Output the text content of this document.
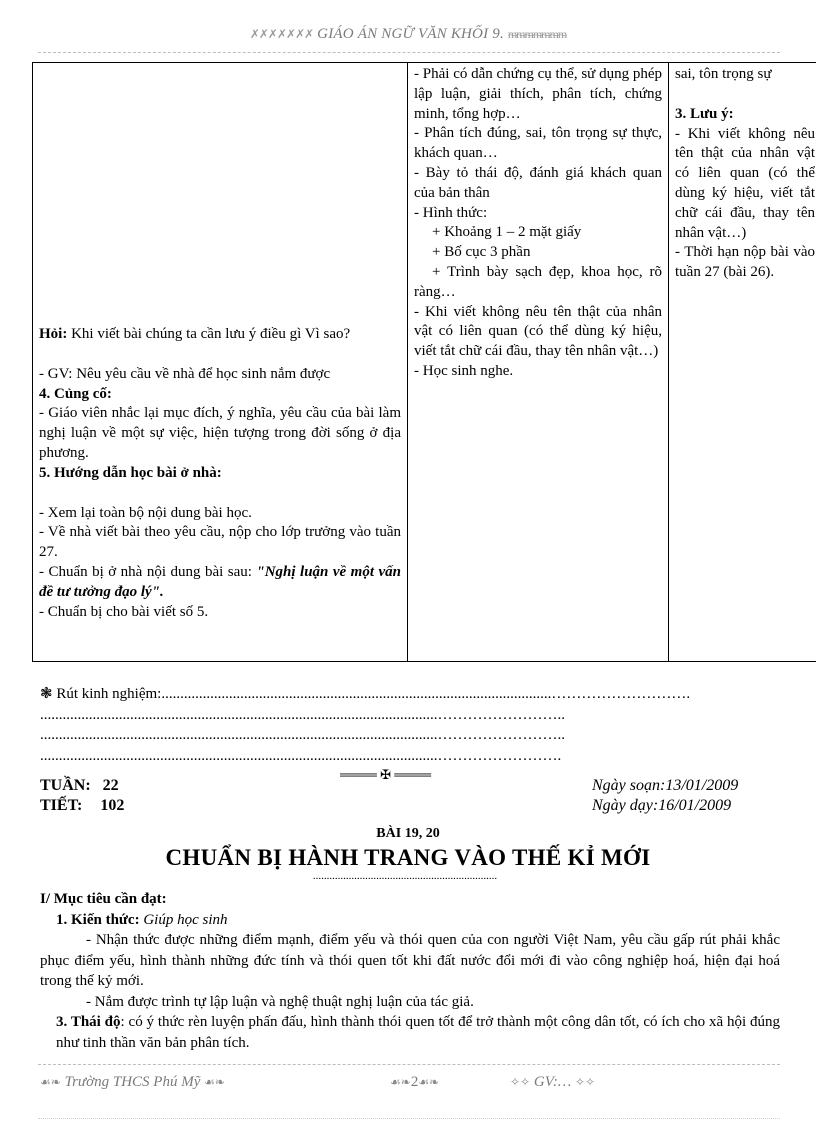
✗✗✗✗✗✗✗ GIÁO ÁN NGỮ VĂN KHỐI 9. ᵯᵯᵯᵯᵯᵯᵯ
Hỏi: Khi viết bài chúng ta cần lưu ý điều gì Vì sao?
- GV: Nêu yêu cầu về nhà để học sinh nắm được
4. Củng cố:
- Giáo viên nhắc lại mục đích, ý nghĩa, yêu cầu của bài làm nghị luận về một sự việc, hiện tượng trong đời sống ở địa phương.
5. Hướng dẫn học bài ở nhà:
- Xem lại toàn bộ nội dung bài học.
- Về nhà viết bài theo yêu cầu, nộp cho lớp trưởng vào tuần 27.
- Chuẩn bị ở nhà nội dung bài sau: "Nghị luận về một vấn đề tư tưởng đạo lý".
- Chuẩn bị cho bài viết số 5.

- Phải có dẫn chứng cụ thể, sử dụng phép lập luận, giải thích, phân tích, chứng minh, tổng hợp…
- Phân tích đúng, sai, tôn trọng sự thực, khách quan…
- Bày tỏ thái độ, đánh giá khách quan của bản thân
- Hình thức:
+ Khoảng 1 – 2 mặt giấy
+ Bố cục 3 phần
+ Trình bày sạch đẹp, khoa học, rõ ràng…
- Khi viết không nêu tên thật của nhân vật có liên quan (có thể dùng ký hiệu, viết tắt chữ cái đầu, thay tên nhân vật…)
- Học sinh nghe.

sai, tôn trọng sự
3. Lưu ý:
- Khi viết không nêu tên thật của nhân vật có liên quan (có thể dùng ký hiệu, viết tắt chữ cái đầu, thay tên nhân vật…)
- Thời hạn nộp bài vào tuần 27 (bài 26).
❃ Rút kinh nghiệm:........................................................................................................……………………….
..........................................................................................................……………………..
..........................................................................................................……………………..
..........................................................................................................…………………….
════ ✠ ════
TUẦN: 22
TIẾT: 102
Ngày soạn:13/01/2009
Ngày dạy:16/01/2009
BÀI 19, 20
CHUẨN BỊ HÀNH TRANG VÀO THẾ KỈ MỚI
...................................................................

I/ Mục tiêu cần đạt:

1. Kiến thức: Giúp học sinh

- Nhận thức được những điểm mạnh, điểm yếu và thói quen của con người Việt Nam, yêu cầu gấp rút phải khắc phục điểm yếu, hình thành những đức tính và thói quen tốt khi đất nước đổi mới đi vào công nghiệp hoá, hiện đại hoá trong thế kỷ mới.

- Nắm được trình tự lập luận và nghệ thuật nghị luận của tác giả.

3. Thái độ: có ý thức rèn luyện phấn đấu, hình thành thói quen tốt để trở thành một công dân tốt, có ích cho xã hội đúng như tinh thần văn bản phân tích.

☙❧ Trường THCS Phú Mỹ ☙❧	☙❧2☙❧	✧✧ GV:… ✧✧
